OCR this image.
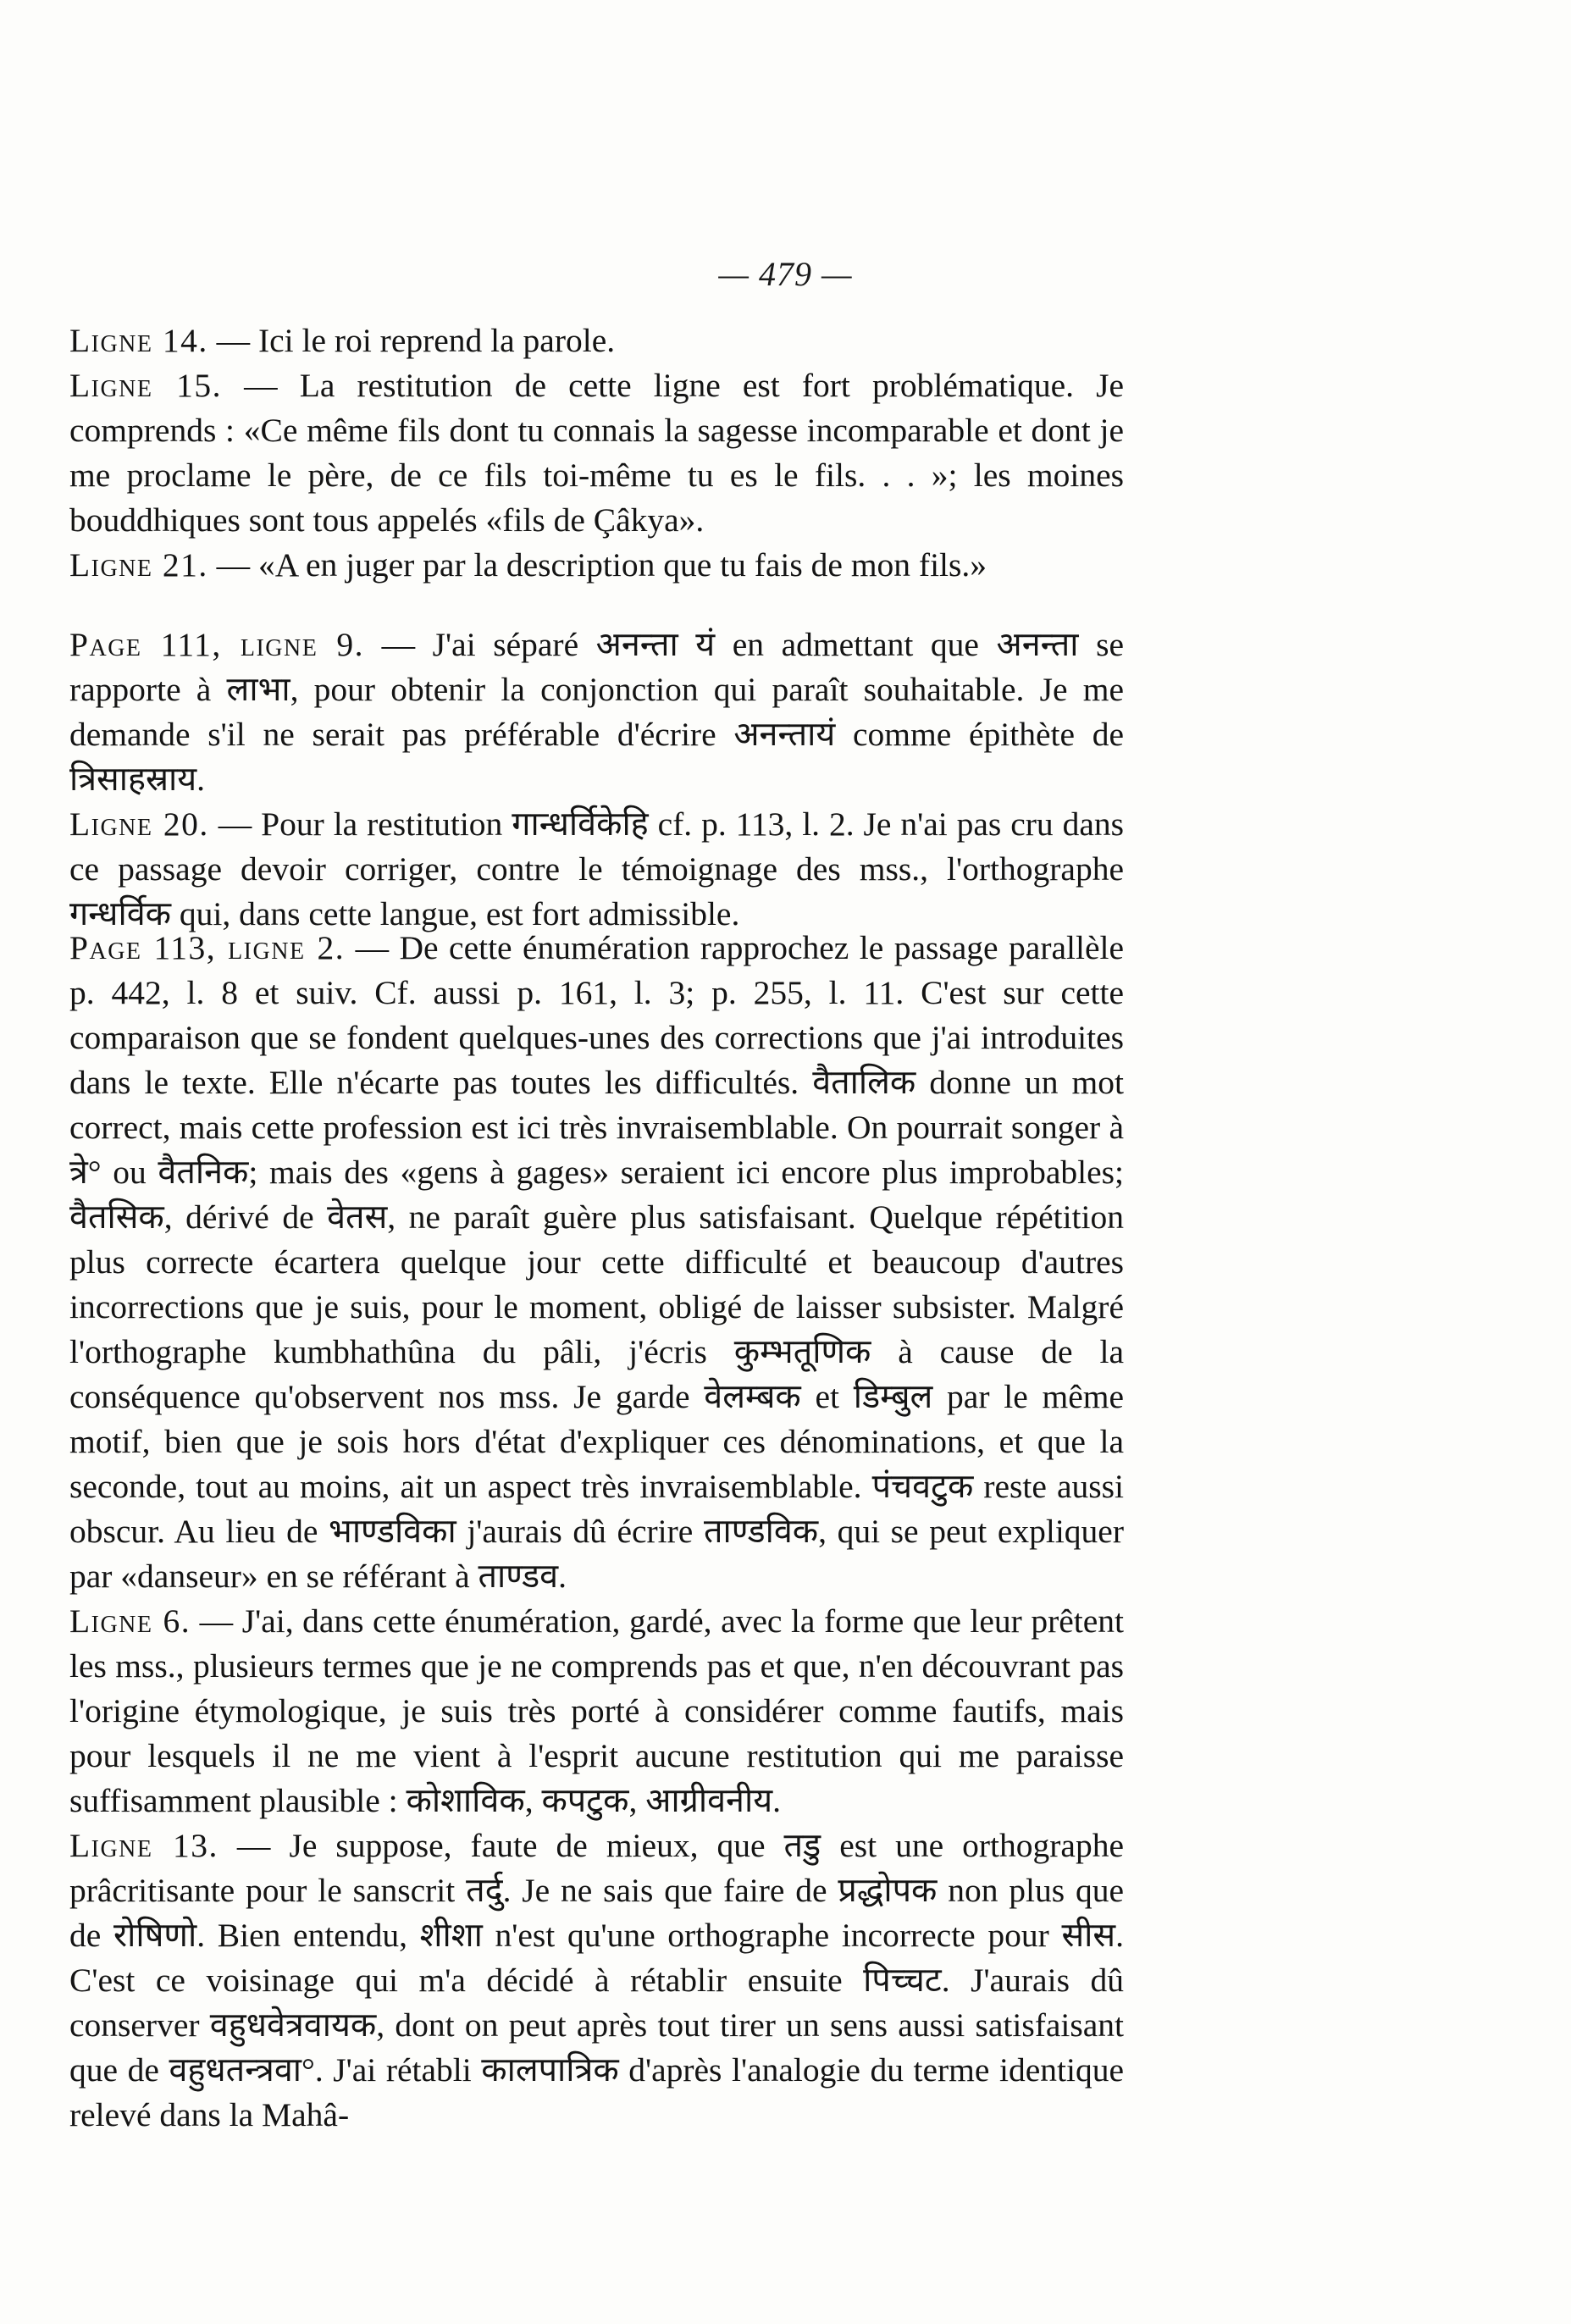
— 479 —

Ligne 14. — Ici le roi reprend la parole.

Ligne 15. — La restitution de cette ligne est fort problématique. Je comprends : «Ce même fils dont tu connais la sagesse incomparable et dont je me proclame le père, de ce fils toi-même tu es le fils. . . »; les moines bouddhiques sont tous appelés «fils de Çâkya».

Ligne 21. — «A en juger par la description que tu fais de mon fils.»

Page 111, ligne 9. — J'ai séparé अनन्ता यं en admettant que अनन्ता se rapporte à लाभा, pour obtenir la conjonction qui paraît souhaitable. Je me demande s'il ne serait pas préférable d'écrire अनन्तायं comme épithète de त्रिसाहस्राय.

Ligne 20. — Pour la restitution गान्धर्विकेहि cf. p. 113, l. 2. Je n'ai pas cru dans ce passage devoir corriger, contre le témoignage des mss., l'orthographe गन्धर्विक qui, dans cette langue, est fort admissible.

Page 113, ligne 2. — De cette énumération rapprochez le passage parallèle p. 442, l. 8 et suiv. Cf. aussi p. 161, l. 3; p. 255, l. 11. C'est sur cette comparaison que se fondent quelques-unes des corrections que j'ai introduites dans le texte. Elle n'écarte pas toutes les difficultés. वैतालिक donne un mot correct, mais cette profession est ici très invraisemblable. On pourrait songer à त्रे° ou वैतनिक; mais des «gens à gages» seraient ici encore plus improbables; वैतसिक, dérivé de वेतस, ne paraît guère plus satisfaisant. Quelque répétition plus correcte écartera quelque jour cette difficulté et beaucoup d'autres incorrections que je suis, pour le moment, obligé de laisser subsister. Malgré l'orthographe kumbhathûna du pâli, j'écris कुम्भतूणिक à cause de la conséquence qu'observent nos mss. Je garde वेलम्बक et डिम्बुल par le même motif, bien que je sois hors d'état d'expliquer ces dénominations, et que la seconde, tout au moins, ait un aspect très invraisemblable. पंचवटुक reste aussi obscur. Au lieu de भाण्डविका j'aurais dû écrire ताण्डविक, qui se peut expliquer par «danseur» en se référant à ताण्डव.

Ligne 6. — J'ai, dans cette énumération, gardé, avec la forme que leur prêtent les mss., plusieurs termes que je ne comprends pas et que, n'en découvrant pas l'origine étymologique, je suis très porté à considérer comme fautifs, mais pour lesquels il ne me vient à l'esprit aucune restitution qui me paraisse suffisamment plausible : कोशाविक, कपटुक, आग्रीवनीय.

Ligne 13. — Je suppose, faute de mieux, que तडु est une orthographe prâcritisante pour le sanscrit तर्दु. Je ne sais que faire de प्रद्धोपक non plus que de रोषिणो. Bien entendu, शीशा n'est qu'une orthographe incorrecte pour सीस. C'est ce voisinage qui m'a décidé à rétablir ensuite पिच्चट. J'aurais dû conserver वहुधवेत्रवायक, dont on peut après tout tirer un sens aussi satisfaisant que de वहुधतन्त्रवा°. J'ai rétabli कालपात्रिक d'après l'analogie du terme identique relevé dans la Mahâ-
